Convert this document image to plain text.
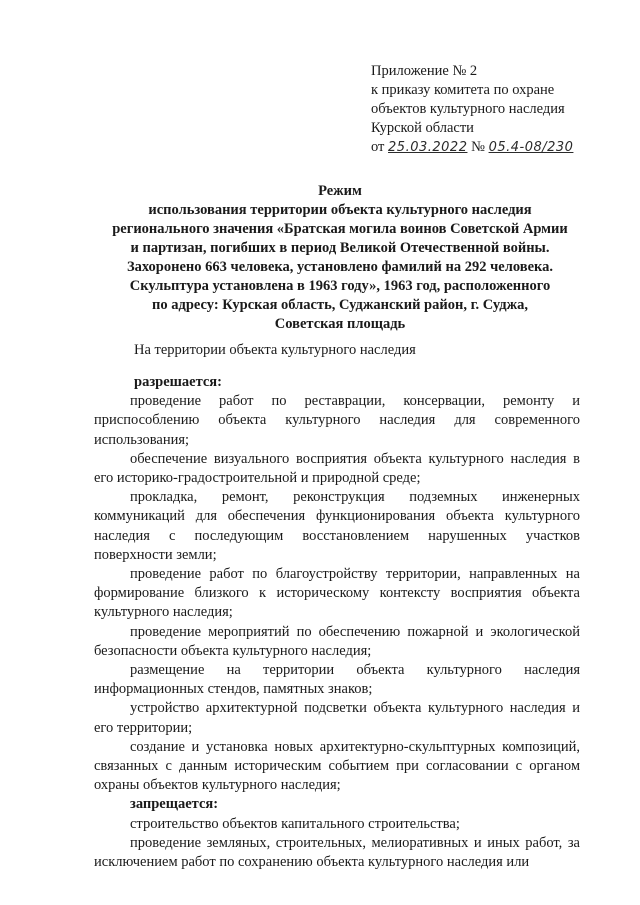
Приложение № 2
к приказу комитета по охране
объектов культурного наследия
Курской области
от 25.03.2022 № 05.4-08/230
Режим
использования территории объекта культурного наследия
регионального значения «Братская могила воинов Советской Армии
и партизан, погибших в период Великой Отечественной войны.
Захоронено 663 человека, установлено фамилий на 292 человека.
Скульптура установлена в 1963 году», 1963 год, расположенного
по адресу: Курская область, Суджанский район, г. Суджа,
Советская площадь
На территории объекта культурного наследия

разрешается:

проведение работ по реставрации, консервации, ремонту и приспособлению объекта культурного наследия для современного использования;

обеспечение визуального восприятия объекта культурного наследия в его историко-градостроительной и природной среде;

прокладка, ремонт, реконструкция подземных инженерных коммуникаций для обеспечения функционирования объекта культурного наследия с последующим восстановлением нарушенных участков поверхности земли;

проведение работ по благоустройству территории, направленных на формирование близкого к историческому контексту восприятия объекта культурного наследия;

проведение мероприятий по обеспечению пожарной и экологической безопасности объекта культурного наследия;

размещение на территории объекта культурного наследия информационных стендов, памятных знаков;

устройство архитектурной подсветки объекта культурного наследия и его территории;

создание и установка новых архитектурно-скульптурных композиций, связанных с данным историческим событием при согласовании с органом охраны объектов культурного наследия;

запрещается:

строительство объектов капитального строительства;

проведение земляных, строительных, мелиоративных и иных работ, за исключением работ по сохранению объекта культурного наследия или
